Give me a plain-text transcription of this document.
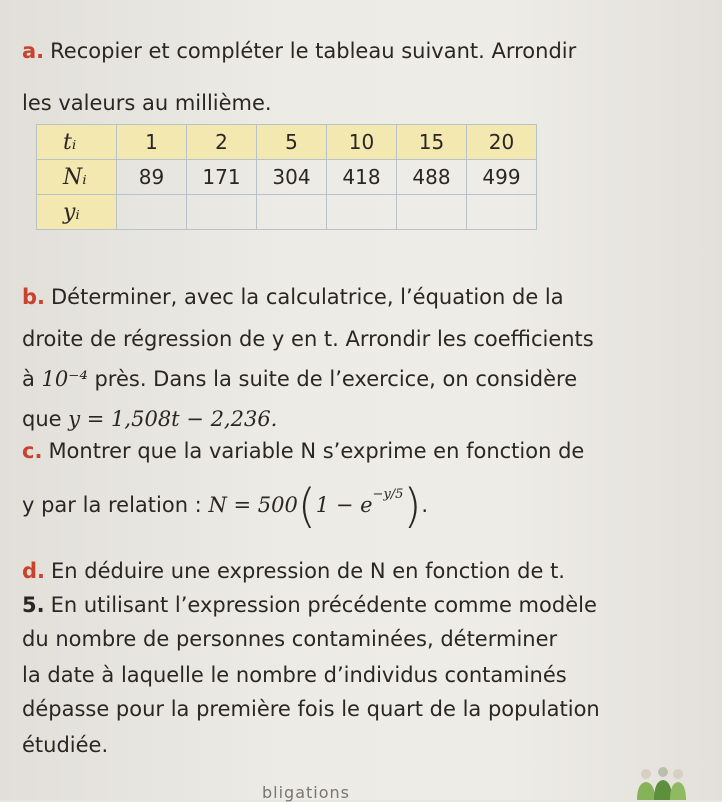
a. Recopier et compléter le tableau suivant. Arrondir
les valeurs au millième.
tᵢ	1	2	5	10	15	20
Nᵢ	89	171	304	418	488	499
yᵢ						
b. Déterminer, avec la calculatrice, l’équation de la
droite de régression de y en t. Arrondir les coefficients
à 10⁻⁴ près. Dans la suite de l’exercice, on considère
que y = 1,508t − 2,236.
c. Montrer que la variable N s’exprime en fonction de
y par la relation : $N = 500(1 - e^{-y/5})$.
d. En déduire une expression de N en fonction de t.
5. En utilisant l’expression précédente comme modèle
du nombre de personnes contaminées, déterminer
la date à laquelle le nombre d’individus contaminés
dépasse pour la première fois le quart de la population
étudiée.
bligations
